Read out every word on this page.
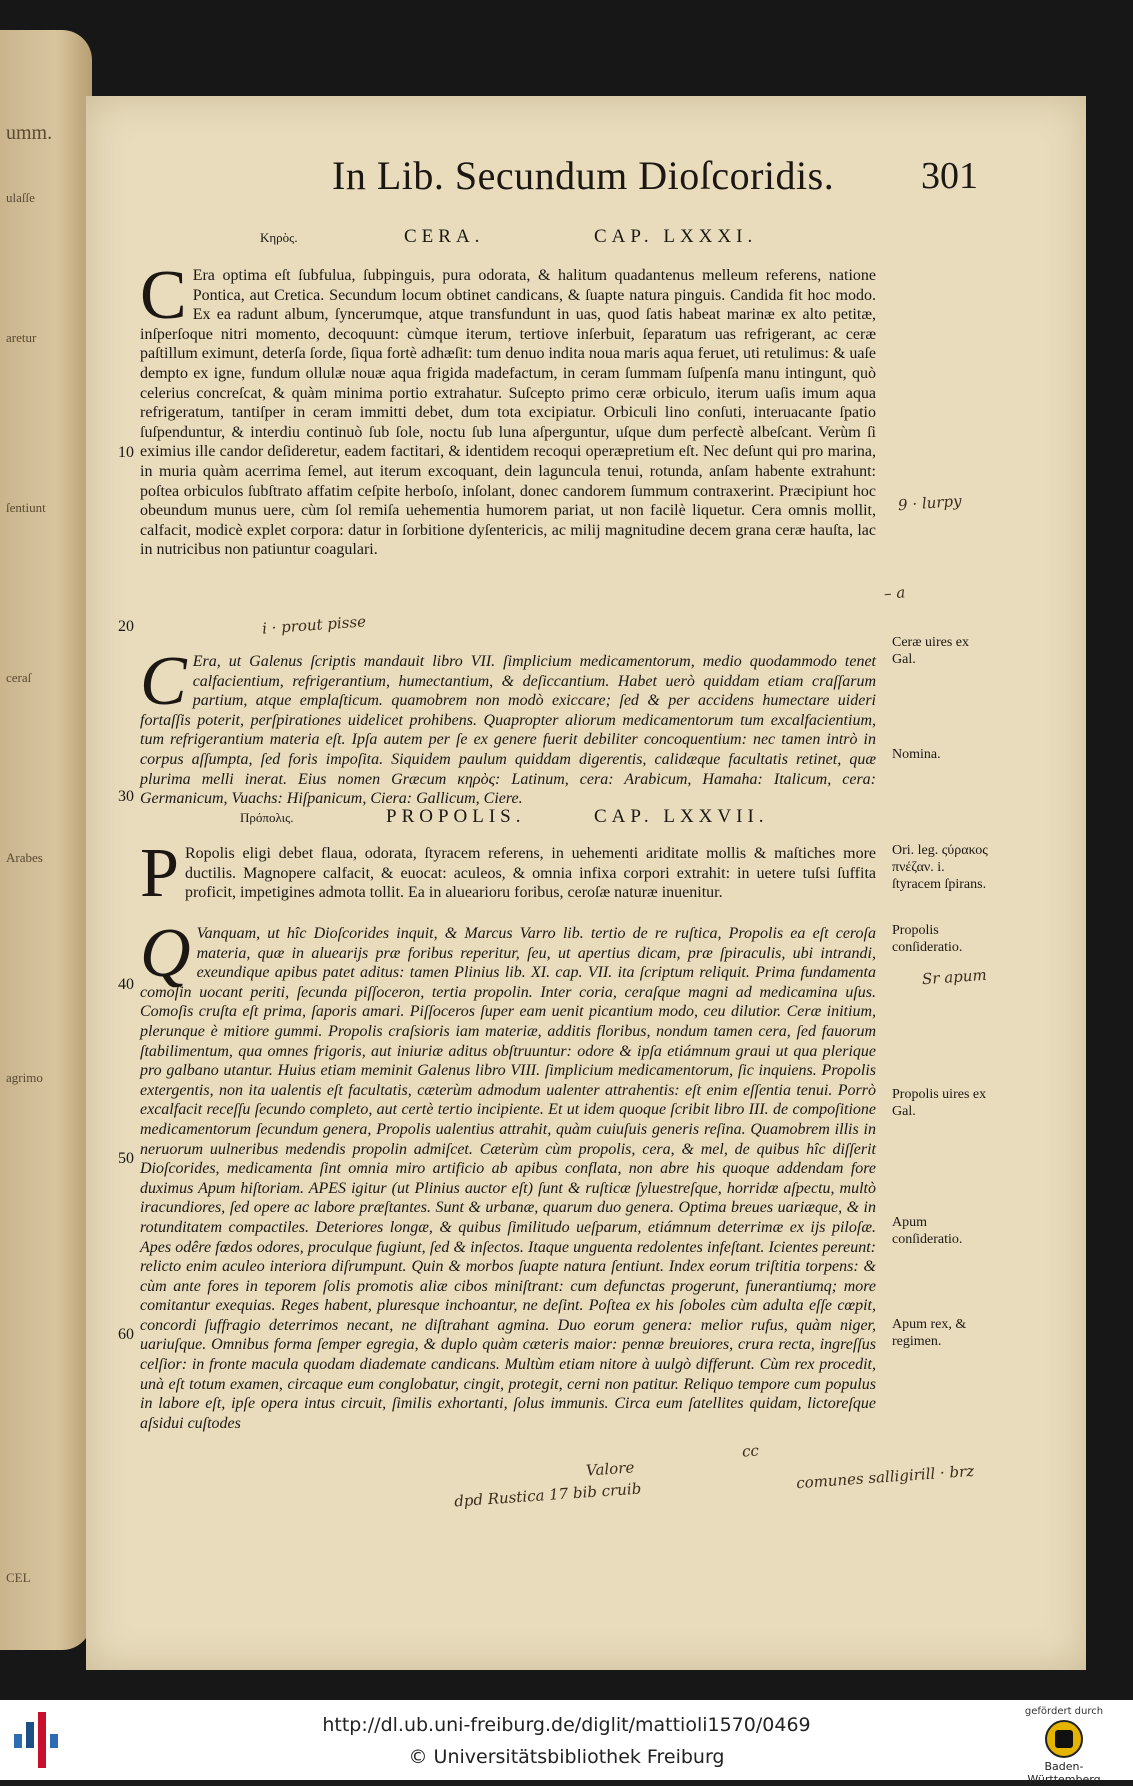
umm.
ulaſſe
aretur
ſentiunt
ceraſ
Arabes
agrimo
CEL
In Lib. Secundum Dioſcoridis. 301
Κηρὸς.	CERA.	CAP. LXXXI.

C Era optima eſt ſubfulua, ſubpinguis, pura odorata, & halitum quadantenus melleum referens, natione Pontica, aut Cretica. Secundum locum obtinet candicans, & ſuapte natura pinguis. Candida fit hoc modo. Ex ea radunt album, ſyncerumque, atque transfundunt in uas, quod ſatis habeat marinæ ex alto petitæ, inſperſoque nitri momento, decoquunt: cùmque iterum, tertiove inſerbuit, ſeparatum uas refrigerant, ac ceræ paſtillum eximunt, deterſa ſorde, ſiqua fortè adhæſit: tum denuo indita noua maris aqua feruet, uti retulimus: & uaſe dempto ex igne, fundum ollulæ nouæ aqua frigida madefactum, in ceram ſummam ſuſpenſa manu intingunt, quò celerius concreſcat, & quàm minima portio extrahatur. Suſcepto primo ceræ orbiculo, iterum uaſis imum aqua refrigeratum, tantiſper in ceram immitti debet, dum tota excipiatur. Orbiculi lino conſuti, interuacante ſpatio ſuſpenduntur, & interdiu continuò ſub ſole, noctu ſub luna aſperguntur, uſque dum perfectè albeſcant. Verùm ſi eximius ille candor deſideretur, eadem factitari, & identidem recoqui operæpretium eſt. Nec deſunt qui pro marina, in muria quàm acerrima ſemel, aut iterum excoquant, dein laguncula tenui, rotunda, anſam habente extrahunt: poſtea orbiculos ſubſtrato affatim ceſpite herboſo, inſolant, donec candorem ſummum contraxerint. Præcipiunt hoc obeundum munus uere, cùm ſol remiſa uehementia humorem pariat, ut non facilè liquetur. Cera omnis mollit, calfacit, modicè explet corpora: datur in ſorbitione dyſentericis, ac milij magnitudine decem grana ceræ hauſta, lac in nutricibus non patiuntur coagulari.

C Era, ut Galenus ſcriptis mandauit libro VII. ſimplicium medicamentorum, medio quodammodo tenet calfacientium, refrigerantium, humectantium, & deſiccantium. Habet uerò quiddam etiam craſſarum partium, atque emplaſticum. quamobrem non modò exiccare; ſed & per accidens humectare uideri fortaſſis poterit, perſpirationes uidelicet prohibens. Quapropter aliorum medicamentorum tum excalfacientium, tum refrigerantium materia eſt. Ipſa autem per ſe ex genere fuerit debiliter concoquentium: nec tamen intrò in corpus aſſumpta, ſed foris impoſita. Siquidem paulum quiddam digerentis, calidæque facultatis retinet, quæ plurima melli inerat. Eius nomen Græcum κηρὸς: Latinum, cera: Arabicum, Hamaha: Italicum, cera: Germanicum, Vuachs: Hiſpanicum, Ciera: Gallicum, Ciere.

Πρόπολις.	PROPOLIS.	CAP. LXXVII.

P Ropolis eligi debet flaua, odorata, ſtyracem referens, in uehementi ariditate mollis & maſtiches more ductilis. Magnopere calfacit, & euocat: aculeos, & omnia infixa corpori extrahit: in uetere tuſsi ſuffita proficit, impetigines admota tollit. Ea in aluearioru foribus, ceroſæ naturæ inuenitur.

Q Vanquam, ut hîc Dioſcorides inquit, & Marcus Varro lib. tertio de re ruſtica, Propolis ea eſt ceroſa materia, quæ in aluearijs præ foribus reperitur, ſeu, ut apertius dicam, præ ſpiraculis, ubi intrandi, exeundique apibus patet aditus: tamen Plinius lib. XI. cap. VII. ita ſcriptum reliquit. Prima fundamenta comoſin uocant periti, ſecunda piſſoceron, tertia propolin. Inter coria, ceraſque magni ad medicamina uſus. Comoſis cruſta eſt prima, ſaporis amari. Piſſoceros ſuper eam uenit picantium modo, ceu dilutior. Ceræ initium, plerunque è mitiore gummi. Propolis craſsioris iam materiæ, additis floribus, nondum tamen cera, ſed fauorum ſtabilimentum, qua omnes frigoris, aut iniuriæ aditus obſtruuntur: odore & ipſa etiámnum graui ut qua plerique pro galbano utantur. Huius etiam meminit Galenus libro VIII. ſimplicium medicamentorum, ſic inquiens. Propolis extergentis, non ita ualentis eſt facultatis, cæterùm admodum ualenter attrahentis: eſt enim eſſentia tenui. Porrò excalfacit receſſu ſecundo completo, aut certè tertio incipiente. Et ut idem quoque ſcribit libro III. de compoſitione medicamentorum ſecundum genera, Propolis ualentius attrahit, quàm cuiuſuis generis reſina. Quamobrem illis in neruorum uulneribus medendis propolin admiſcet. Cæterùm cùm propolis, cera, & mel, de quibus hîc diſſerit Dioſcorides, medicamenta ſint omnia miro artificio ab apibus conflata, non abre his quoque addendam fore duximus Apum hiſtoriam. APES igitur (ut Plinius auctor eſt) ſunt & ruſticæ ſyluestreſque, horridæ aſpectu, multò iracundiores, ſed opere ac labore præſtantes. Sunt & urbanæ, quarum duo genera. Optima breues uariæque, & in rotunditatem compactiles. Deteriores longæ, & quibus ſimilitudo ueſparum, etiámnum deterrimæ ex ijs piloſæ. Apes odêre fœdos odores, proculque fugiunt, ſed & inſectos. Itaque unguenta redolentes infeſtant. Icientes pereunt: relicto enim aculeo interiora diſrumpunt. Quin & morbos ſuapte natura ſentiunt. Index eorum triſtitia torpens: & cùm ante fores in teporem ſolis promotis aliæ cibos miniſtrant: cum defunctas progerunt, funerantiumq; more comitantur exequias. Reges habent, pluresque inchoantur, ne deſint. Poſtea ex his ſoboles cùm adulta eſſe cœpit, concordi ſuffragio deterrimos necant, ne diſtrahant agmina. Duo eorum genera: melior rufus, quàm niger, uariuſque. Omnibus forma ſemper egregia, & duplo quàm cæteris maior: pennæ breuiores, crura recta, ingreſſus celſior: in fronte macula quodam diademate candicans. Multùm etiam nitore à uulgò differunt. Cùm rex procedit, unà eſt totum examen, circaque eum conglobatur, cingit, protegit, cerni non patitur. Reliquo tempore cum populus in labore eſt, ipſe opera intus circuit, ſimilis exhortanti, ſolus immunis. Circa eum ſatellites quidam, lictoreſque aſsidui cuſtodes

10
20
30
40
50
60
Ceræ uires ex Gal.
Nomina.
Ori. leg. ςύρακος πνέζαν. i. ſtyracem ſpirans.
Propolis conſideratio.
Propolis uires ex Gal.
Apum conſideratio.
Apum rex, & regimen.
9 · lurpy
– a
i · prout pisse
Sr apum
cc
Valore
dpd Rustica 17 bib cruib
comunes salligirill · brz
http://dl.ub.uni-freiburg.de/diglit/mattioli1570/0469
© Universitätsbibliothek Freiburg
gefördert durch
Baden-Württemberg
